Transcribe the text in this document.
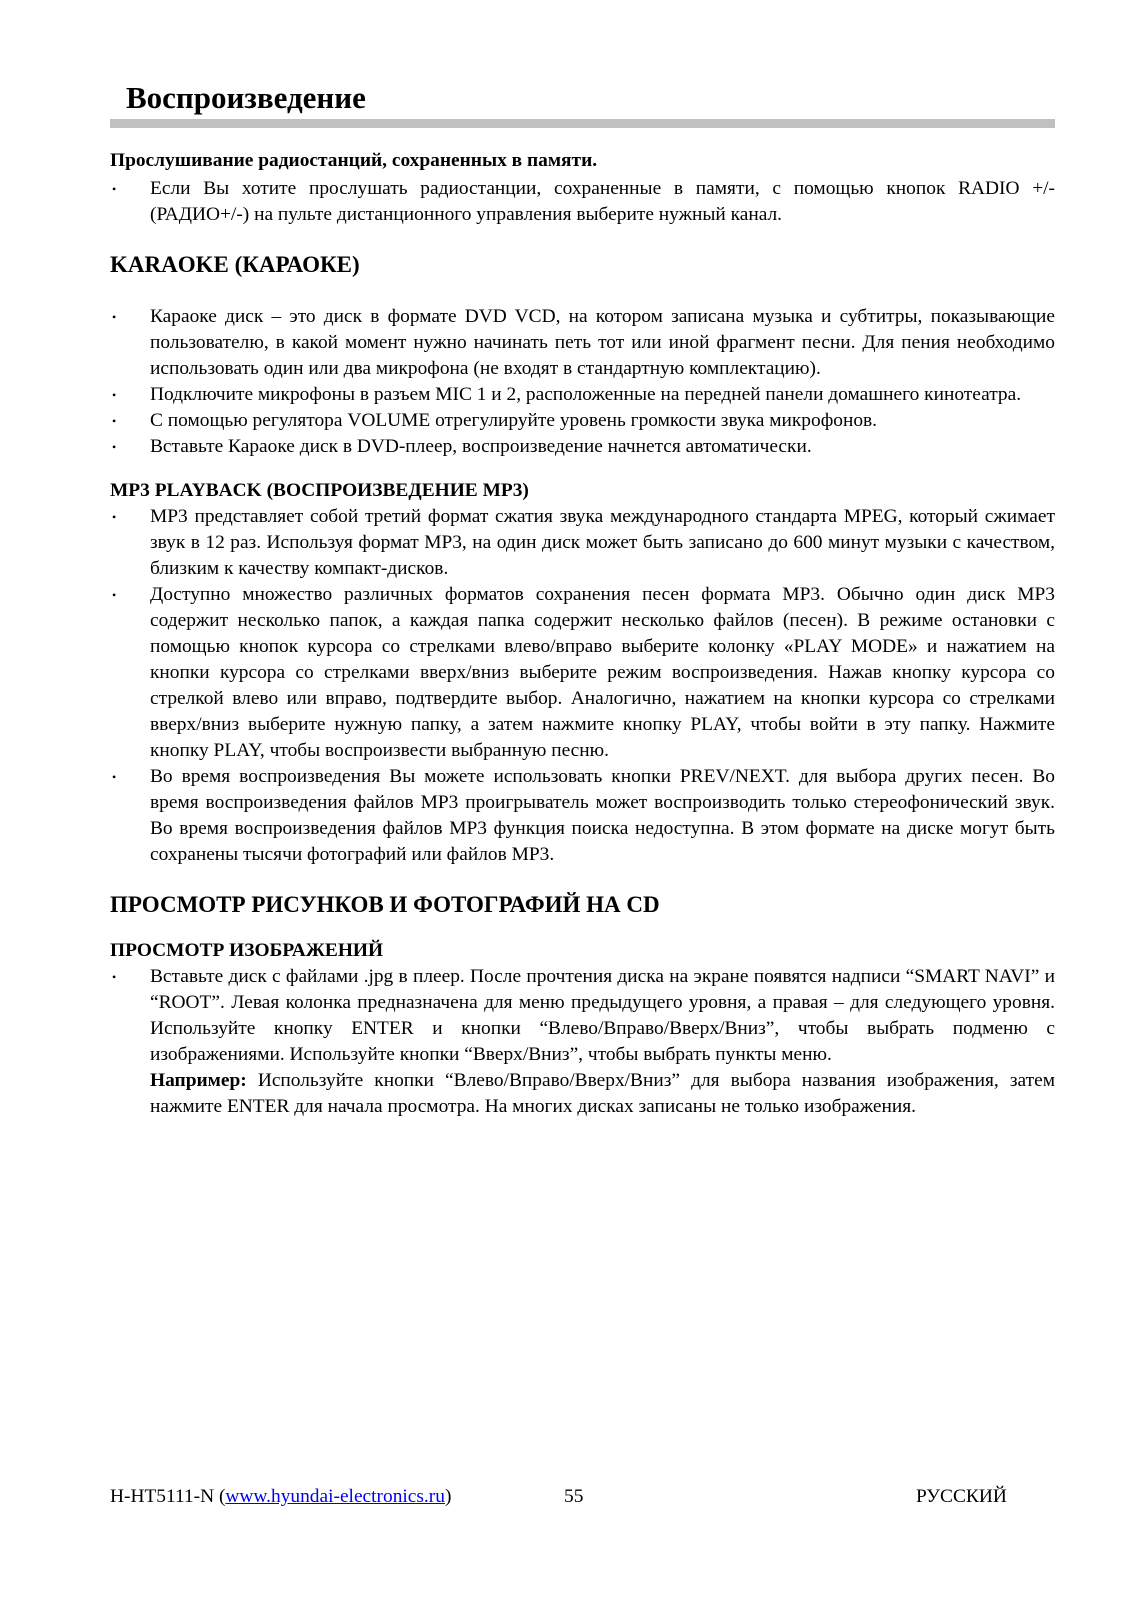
Воспроизведение

Прослушивание радиостанций, сохраненных в памяти.

• Если Вы хотите прослушать радиостанции, сохраненные в памяти, с помощью кнопок RADIO +/- (РАДИО+/-) на пульте дистанционного управления выберите нужный канал.

KARAOKE (КАРАОКЕ)

• Караоке диск – это диск в формате DVD VCD, на котором записана музыка и субтитры, показывающие пользователю, в какой момент нужно начинать петь тот или иной фрагмент песни. Для пения необходимо использовать один или два микрофона (не входят в стандартную комплектацию).
• Подключите микрофоны в разъем MIC 1 и 2, расположенные на передней панели домашнего кинотеатра.
• С помощью регулятора VOLUME отрегулируйте уровень громкости звука микрофонов.
• Вставьте Караоке диск в DVD-плеер, воспроизведение начнется автоматически.

MP3 PLAYBACK (ВОСПРОИЗВЕДЕНИЕ MP3)

• MP3 представляет собой третий формат сжатия звука международного стандарта MPEG, который сжимает звук в 12 раз. Используя формат MP3, на один диск может быть записано до 600 минут музыки с качеством, близким к качеству компакт-дисков.
• Доступно множество различных форматов сохранения песен формата MP3. Обычно один диск MP3 содержит несколько папок, а каждая папка содержит несколько файлов (песен). В режиме остановки с помощью кнопок курсора со стрелками влево/вправо выберите колонку «PLAY MODE» и нажатием на кнопки курсора со стрелками вверх/вниз выберите режим воспроизведения. Нажав кнопку курсора со стрелкой влево или вправо, подтвердите выбор. Аналогично, нажатием на кнопки курсора со стрелками вверх/вниз выберите нужную папку, а затем нажмите кнопку PLAY, чтобы войти в эту папку. Нажмите кнопку PLAY, чтобы воспроизвести выбранную песню.
• Во время воспроизведения Вы можете использовать кнопки PREV/NEXT. для выбора других песен. Во время воспроизведения файлов MP3 проигрыватель может воспроизводить только стереофонический звук. Во время воспроизведения файлов MP3 функция поиска недоступна. В этом формате на диске могут быть сохранены тысячи фотографий или файлов MP3.

ПРОСМОТР РИСУНКОВ И ФОТОГРАФИЙ НА CD

ПРОСМОТР ИЗОБРАЖЕНИЙ

• Вставьте диск с файлами .jpg в плеер. После прочтения диска на экране появятся надписи “SMART NAVI” и “ROOT”. Левая колонка предназначена для меню предыдущего уровня, а правая – для следующего уровня. Используйте кнопку ENTER и кнопки “Влево/Вправо/Вверх/Вниз”, чтобы выбрать подменю с изображениями. Используйте кнопки “Вверх/Вниз”, чтобы выбрать пункты меню.

Например: Используйте кнопки “Влево/Вправо/Вверх/Вниз” для выбора названия изображения, затем нажмите ENTER для начала просмотра. На многих дисках записаны не только изображения.

H-HT5111-N (www.hyundai-electronics.ru)	55	РУССКИЙ
